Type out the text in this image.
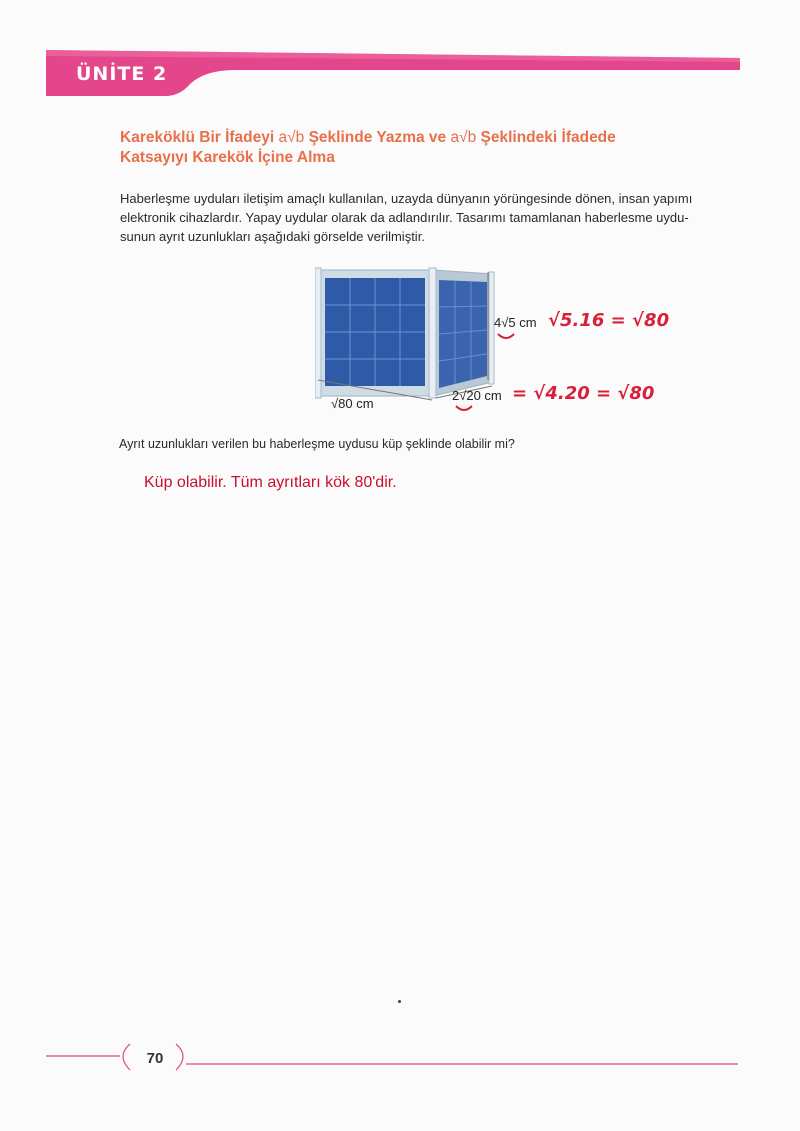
ÜNİTE 2
Kareköklü Bir İfadeyi a√b Şeklinde Yazma ve a√b Şeklindeki İfadede
Katsayıyı Karekök İçine Alma
Haberleşme uyduları iletişim amaçlı kullanılan, uzayda dünyanın yörüngesinde dönen, insan yapımı
elektronik cihazlardır. Yapay uydular olarak da adlandırılır. Tasarımı tamamlanan haberlesme uydu-
sunun ayrıt uzunlukları aşağıdaki görselde verilmiştir.
4√5 cm √5.16 = √80
2√20 cm = √4.20 = √80
√80 cm
Ayrıt uzunlukları verilen bu haberleşme uydusu küp şeklinde olabilir mi?
Küp olabilir. Tüm ayrıtları kök 80'dir.
70
